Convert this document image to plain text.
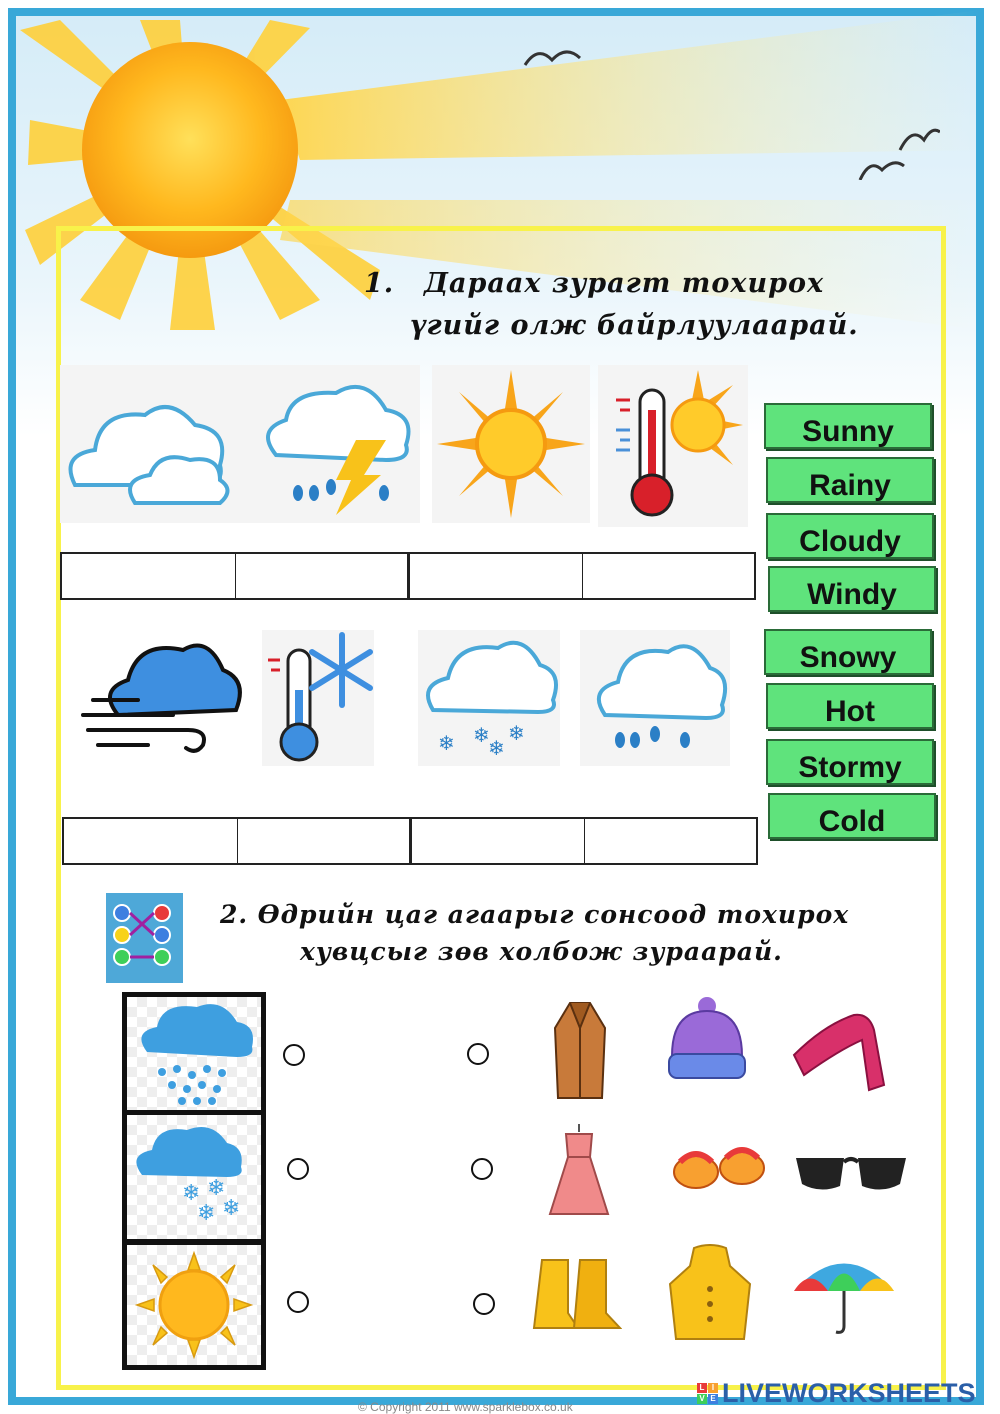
1. Дараах зурагт тохирох
үгийг олж байрлуулаарай.
❄ ❄
❄
❄
Sunny
Rainy
Cloudy
Windy
Snowy
Hot
Stormy
Cold
2. Өдрийн цаг агаарыг сонсоод тохирох
хувцсыг зөв холбож зураарай.
❄ ❄
❄ ❄
© Copyright 2011 www.sparklebox.co.uk
L I
V E LIVEWORKSHEETS
